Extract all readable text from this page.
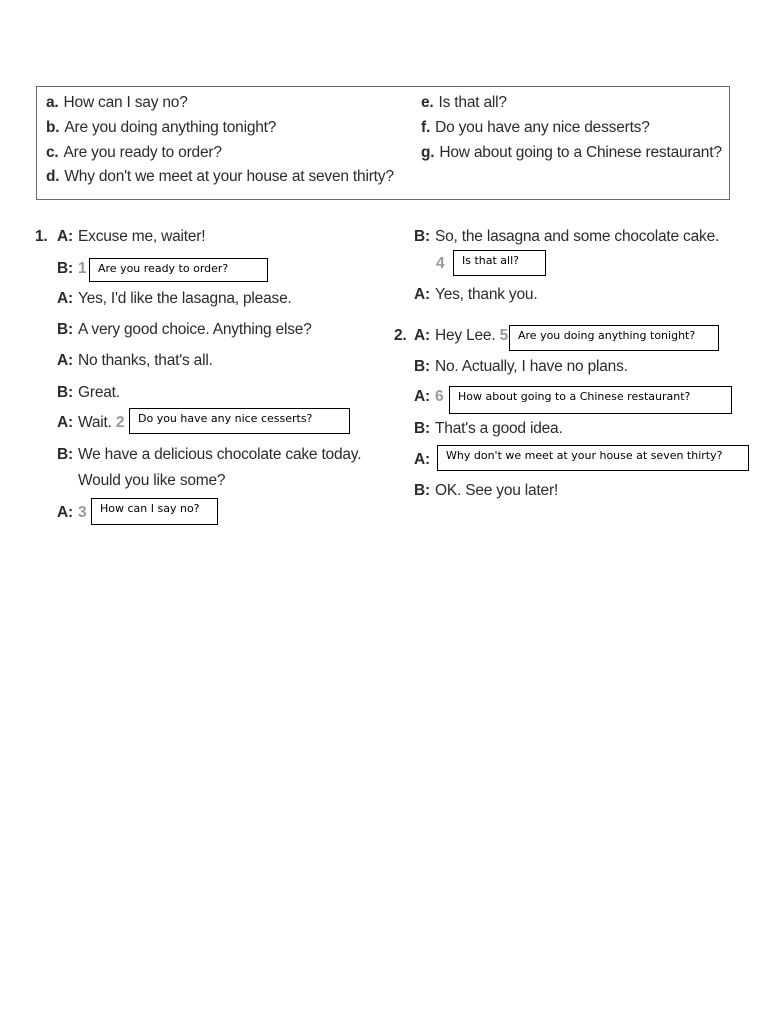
a. How can I say no?
b. Are you doing anything tonight?
c. Are you ready to order?
d. Why don't we meet at your house at seven thirty?
e. Is that all?
f. Do you have any nice desserts?
g. How about going to a Chinese restaurant?
1. A: Excuse me, waiter!
B: 1
A: Yes, I'd like the lasagna, please.
B: A very good choice. Anything else?
A: No thanks, that's all.
B: Great.
A: Wait. 2
B: We have a delicious chocolate cake today.
Would you like some?
A: 3
B: So, the lasagna and some chocolate cake.
4
A: Yes, thank you.
2. A: Hey Lee. 5
B: No. Actually, I have no plans.
A: 6
B: That's a good idea.
A:
B: OK. See you later!
Are you ready to order?
Do you have any nice cesserts?
How can I say no?
Is that all?
Are you doing anything tonight?
How about going to a Chinese restaurant?
Why don't we meet at your house at seven thirty?
